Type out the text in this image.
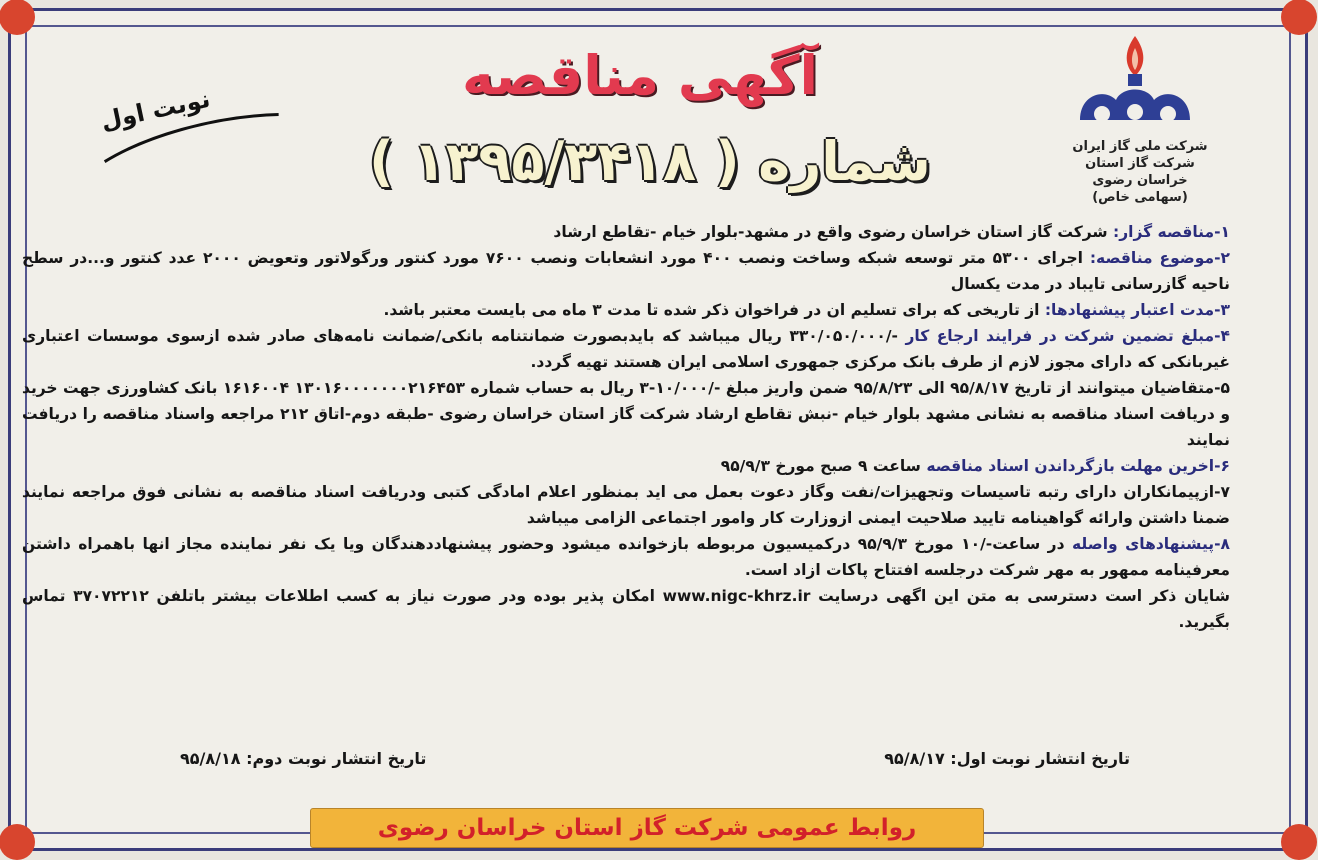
شرکت ملی گاز ایران
شرکت گاز استان خراسان رضوی
(سهامی خاص)
آگهی مناقصه
شماره ( ۱۳۹۵/۳۴۱۸ )
نوبت اول

۱-مناقصه گزار: شرکت گاز استان خراسان رضوی واقع در مشهد-بلوار خیام -تقاطع ارشاد

۲-موضوع مناقصه: اجرای ۵۳۰۰ متر توسعه شبکه وساخت ونصب ۴۰۰ مورد انشعابات ونصب ۷۶۰۰ مورد کنتور ورگولاتور وتعویض ۲۰۰۰ عدد کنتور و...در سطح ناحیه گازرسانی تایباد در مدت یکسال

۳-مدت اعتبار پیشنهادها: از تاریخی که برای تسلیم ان در فراخوان ذکر شده تا مدت ۳ ماه می بایست معتبر باشد.

۴-مبلغ تضمین شرکت در فرایند ارجاع کار -/۳۳۰/۰۵۰/۰۰۰ ریال میباشد که بایدبصورت ضمانتنامه بانکی/ضمانت نامه‌های صادر شده ازسوی موسسات اعتباری غیربانکی که دارای مجوز لازم از طرف بانک مرکزی جمهوری اسلامی ایران هستند تهیه گردد.

۵-متقاضیان میتوانند از تاریخ ۹۵/۸/۱۷ الی ۹۵/۸/۲۳ ضمن واریز مبلغ -/۱۰/۰۰۰-۳ ریال به حساب شماره ۱۳۰۱۶۰۰۰۰۰۰۰۲۱۶۴۵۳ ۱۶۱۶۰۰۴ بانک کشاورزی جهت خرید و دریافت اسناد مناقصه به نشانی مشهد بلوار خیام -نبش تقاطع ارشاد شرکت گاز استان خراسان رضوی -طبقه دوم-اتاق ۲۱۲ مراجعه واسناد مناقصه را دریافت نمایند

۶-اخرین مهلت بازگرداندن اسناد مناقصه ساعت ۹ صبح مورخ ۹۵/۹/۳

۷-ازپیمانکاران دارای رتبه تاسیسات وتجهیزات/نفت وگاز دعوت بعمل می اید بمنظور اعلام امادگی کتبی ودریافت اسناد مناقصه به نشانی فوق مراجعه نمایند ضمنا داشتن وارائه گواهینامه تایید صلاحیت ایمنی ازوزارت کار وامور اجتماعی الزامی میباشد

۸-پیشنهادهای واصله در ساعت-/۱۰ مورخ ۹۵/۹/۳ درکمیسیون مربوطه بازخوانده میشود وحضور پیشنهاددهندگان ویا یک نفر نماینده مجاز انها باهمراه داشتن معرفینامه ممهور به مهر شرکت درجلسه افتتاح پاکات ازاد است.

شایان ذکر است دسترسی به متن این اگهی درسایت www.nigc-khrz.ir امکان پذیر بوده ودر صورت نیاز به کسب اطلاعات بیشتر باتلفن ۳۷۰۷۲۲۱۲ تماس بگیرید.

تاریخ انتشار نوبت اول: ۹۵/۸/۱۷
تاریخ انتشار نوبت دوم: ۹۵/۸/۱۸
روابط عمومی شرکت گاز استان خراسان رضوی
